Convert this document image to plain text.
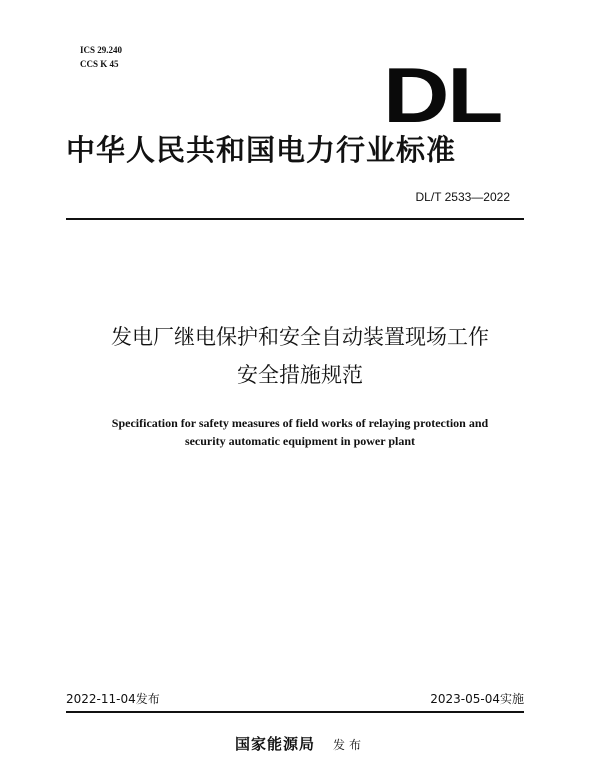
ICS 29.240
CCS K 45	DL
中华人民共和国电力行业标准
DL/T 2533—2022
发电厂继电保护和安全自动装置现场工作
安全措施规范
Specification for safety measures of field works of relaying protection and
security automatic equipment in power plant
2022-11-04发布	2023-05-04实施
国家能源局 发布
